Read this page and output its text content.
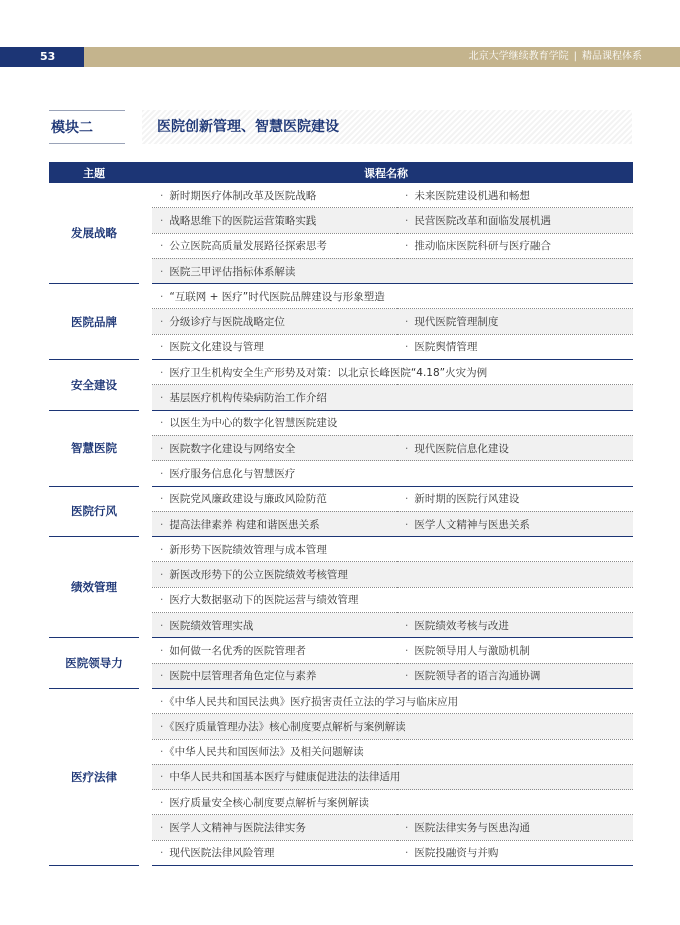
53	北京大学继续教育学院 | 精品课程体系
模块二	医院创新管理、智慧医院建设
主题	课程名称		
发展战略		· 新时期医疗体制改革及医院战略	· 未来医院建设机遇和畅想
		· 战略思维下的医院运营策略实践	· 民营医院改革和面临发展机遇
		· 公立医院高质量发展路径探索思考	· 推动临床医院科研与医疗融合
		· 医院三甲评估指标体系解读	
医院品牌		· “互联网 + 医疗”时代医院品牌建设与形象塑造	
		· 分级诊疗与医院战略定位	· 现代医院管理制度
		· 医院文化建设与管理	· 医院舆情管理
安全建设		· 医疗卫生机构安全生产形势及对策：以北京长峰医院“4.18”火灾为例	
		· 基层医疗机构传染病防治工作介绍	
智慧医院		· 以医生为中心的数字化智慧医院建设	
		· 医院数字化建设与网络安全	· 现代医院信息化建设
		· 医疗服务信息化与智慧医疗	
医院行风		· 医院党风廉政建设与廉政风险防范	· 新时期的医院行风建设
		· 提高法律素养 构建和谐医患关系	· 医学人文精神与医患关系
绩效管理		· 新形势下医院绩效管理与成本管理	
		· 新医改形势下的公立医院绩效考核管理	
		· 医疗大数据驱动下的医院运营与绩效管理	
		· 医院绩效管理实战	· 医院绩效考核与改进
医院领导力		· 如何做一名优秀的医院管理者	· 医院领导用人与激励机制
		· 医院中层管理者角色定位与素养	· 医院领导者的语言沟通协调
医疗法律		· 《中华人民共和国民法典》医疗损害责任立法的学习与临床应用	
		· 《医疗质量管理办法》核心制度要点解析与案例解读	
		· 《中华人民共和国医师法》及相关问题解读	
		· 中华人民共和国基本医疗与健康促进法的法律适用	
		· 医疗质量安全核心制度要点解析与案例解读	
		· 医学人文精神与医院法律实务	· 医院法律实务与医患沟通
		· 现代医院法律风险管理	· 医院投融资与并购
